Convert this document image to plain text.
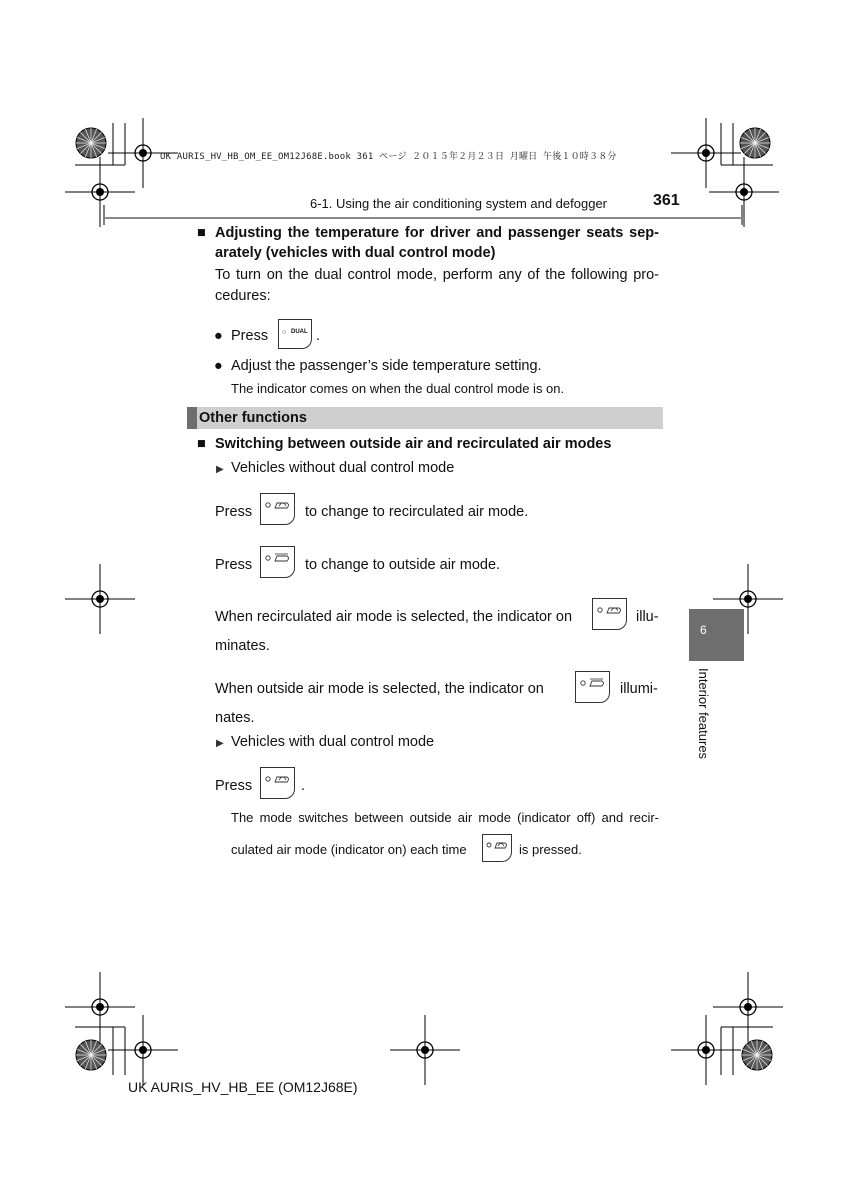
UK AURIS_HV_HB_OM_EE_OM12J68E.book 361 ページ ２０１５年２月２３日 月曜日 午後１０時３８分
6-1. Using the air conditioning system and defogger	361
6
Interior features
■ Adjusting the temperature for driver and passenger seats sep-
arately (vehicles with dual control mode)
To turn on the dual control mode, perform any of the following pro-
cedures:
● Press ○ DUAL .
● Adjust the passenger’s side temperature setting.
The indicator comes on when the dual control mode is on.
Other functions
■ Switching between outside air and recirculated air modes
▶ Vehicles without dual control mode
Press	to change to recirculated air mode.
Press	to change to outside air mode.
When recirculated air mode is selected, the indicator on	illu-
minates.
When outside air mode is selected, the indicator on	illumi-
nates.
▶ Vehicles with dual control mode
Press	.
The mode switches between outside air mode (indicator off) and recir-
culated air mode (indicator on) each time	is pressed.
UK AURIS_HV_HB_EE (OM12J68E)
